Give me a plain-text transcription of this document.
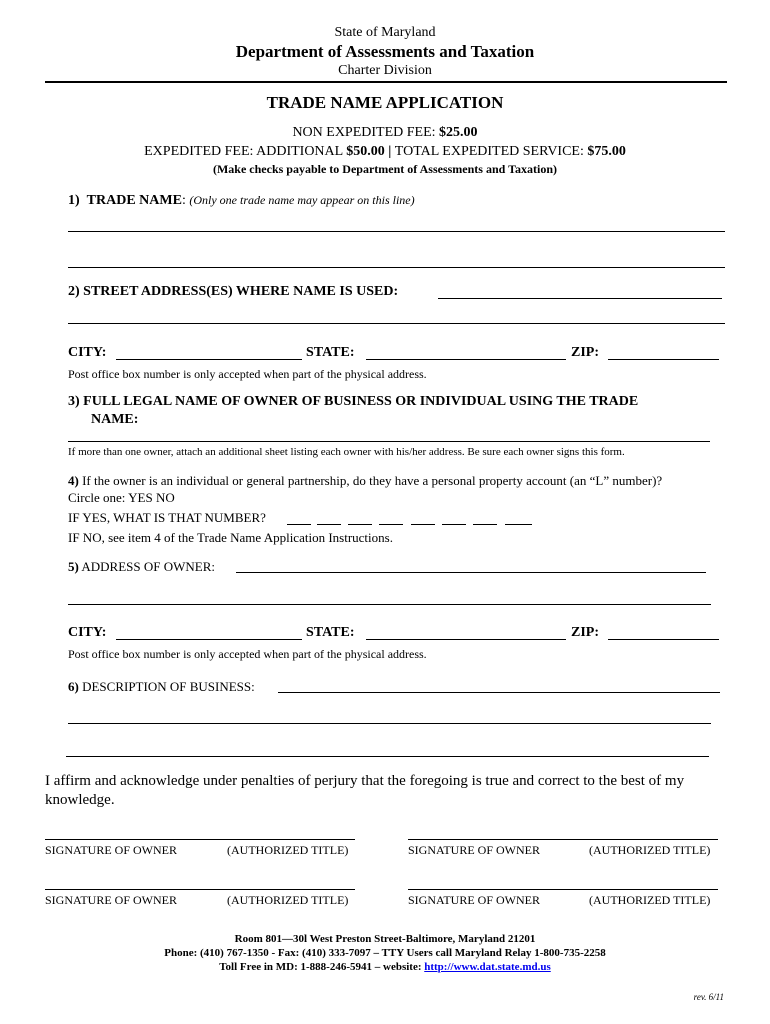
State of Maryland
Department of Assessments and Taxation
Charter Division
TRADE NAME APPLICATION
NON EXPEDITED FEE: $25.00
EXPEDITED FEE: ADDITIONAL $50.00 | TOTAL EXPEDITED SERVICE: $75.00
(Make checks payable to Department of Assessments and Taxation)
1) TRADE NAME: (Only one trade name may appear on this line)
2) STREET ADDRESS(ES) WHERE NAME IS USED:
CITY:	STATE:	ZIP:
Post office box number is only accepted when part of the physical address.
3) FULL LEGAL NAME OF OWNER OF BUSINESS OR INDIVIDUAL USING THE TRADE
NAME:
If more than one owner, attach an additional sheet listing each owner with his/her address. Be sure each owner signs this form.
4) If the owner is an individual or general partnership, do they have a personal property account (an “L” number)?
Circle one: YES NO
IF YES, WHAT IS THAT NUMBER?
IF NO, see item 4 of the Trade Name Application Instructions.
5) ADDRESS OF OWNER:
CITY:	STATE:	ZIP:
Post office box number is only accepted when part of the physical address.
6) DESCRIPTION OF BUSINESS:
I affirm and acknowledge under penalties of perjury that the foregoing is true and correct to the best of my knowledge.
SIGNATURE OF OWNER	(AUTHORIZED TITLE)	SIGNATURE OF OWNER	(AUTHORIZED TITLE)
SIGNATURE OF OWNER	(AUTHORIZED TITLE)	SIGNATURE OF OWNER	(AUTHORIZED TITLE)
Room 801—30l West Preston Street-Baltimore, Maryland 21201
Phone: (410) 767-1350 - Fax: (410) 333-7097 – TTY Users call Maryland Relay 1-800-735-2258
Toll Free in MD: 1-888-246-5941 – website: http://www.dat.state.md.us
rev. 6/11
